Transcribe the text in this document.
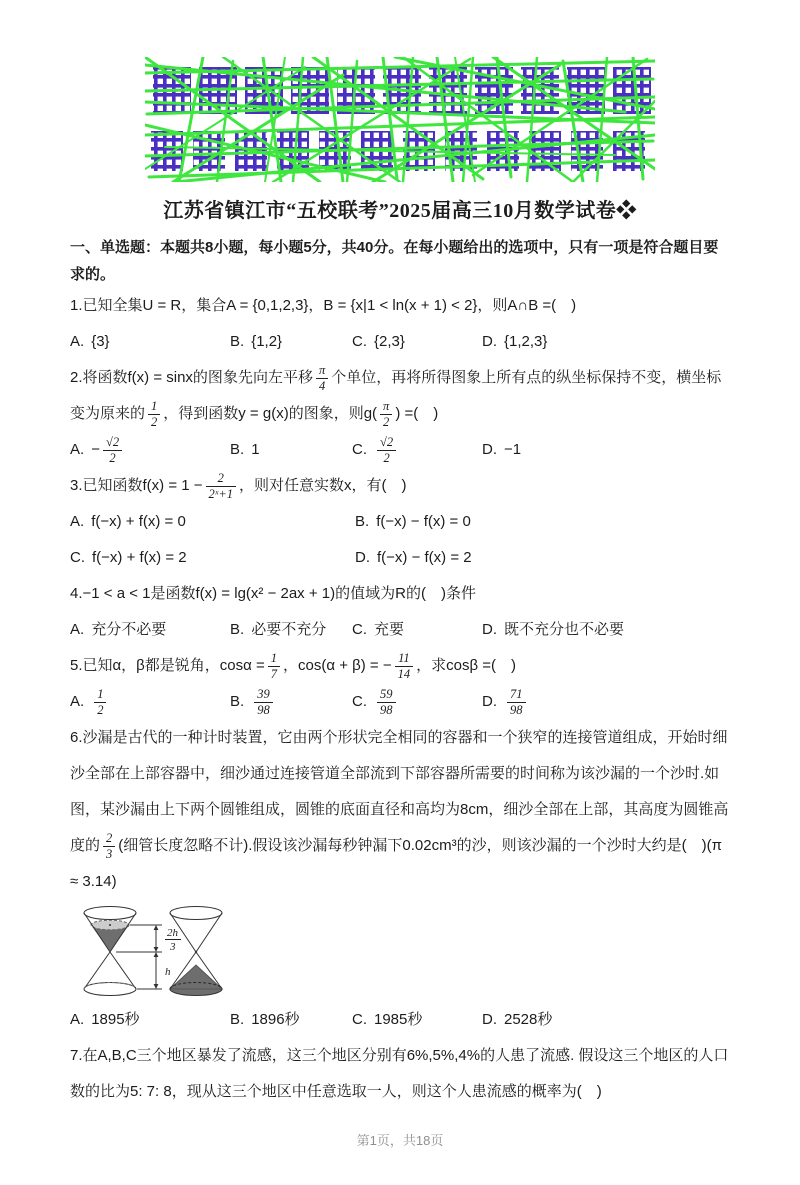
江苏省镇江市“五校联考”2025届高三10月数学试卷❖
一、单选题：本题共8小题，每小题5分，共40分。在每小题给出的选项中，只有一项是符合题目要求的。

1.已知全集U = R，集合A = {0,1,2,3}，B = {x|1 < ln(x + 1) < 2}，则A∩B =(　)

A. {3}	B. {1,2}	C. {2,3}	D. {1,2,3}

2.将函数f(x) = sinx的图象先向左平移 $\frac{\pi}{4}$ 个单位，再将所得图象上所有点的纵坐标保持不变，横坐标变为原来的 $\frac{1}{2}$ ，得到函数y = g(x)的图象，则$g( \frac{\pi}{2}$ ) =(　)

A. − $\frac{√2}{2}$	B. 1	C. $\frac{√2}{2}$	D. −1

3.已知函数$f(x) = 1 - \frac{2}{\text{2ˣ+1}}$ ，则对任意实数x，有(　)

A. f(−x) + f(x) = 0	B. f(−x) − f(x) = 0
C. f(−x) + f(x) = 2	D. f(−x) − f(x) = 2

4.−1 < a < 1是函数f(x) = lg(x² − 2ax + 1)的值域为R的(　)条件

A. 充分不必要	B. 必要不充分	C. 充要	D. 既不充分也不必要

5.已知α，β都是锐角，$\cos\alpha = \frac{1}{7}$ ，cos(α + β) = − $\frac{11}{14}$ ，求cosβ =(　)

A. $\frac{1}{2}$	B. $\frac{39}{98}$	C. $\frac{59}{98}$	D. $\frac{71}{98}$

6.沙漏是古代的一种计时装置，它由两个形状完全相同的容器和一个狭窄的连接管道组成，开始时细沙全部在上部容器中，细沙通过连接管道全部流到下部容器所需要的时间称为该沙漏的一个沙时.如图，某沙漏由上下两个圆锥组成，圆锥的底面直径和高均为8cm，细沙全部在上部，其高度为圆锥高度的 $\frac{2}{3}$ (细管长度忽略不计).假设该沙漏每秒钟漏下0.02cm³的沙，则该沙漏的一个沙时大约是(　)(π ≈ 3.14)

2h
3
h
A. 1895秒	B. 1896秒	C. 1985秒	D. 2528秒

7.在A,B,C三个地区暴发了流感，这三个地区分别有6%,5%,4%的人患了流感. 假设这三个地区的人口数的比为5: 7: 8，现从这三个地区中任意选取一人，则这个人患流感的概率为(　)

第1页，共18页
